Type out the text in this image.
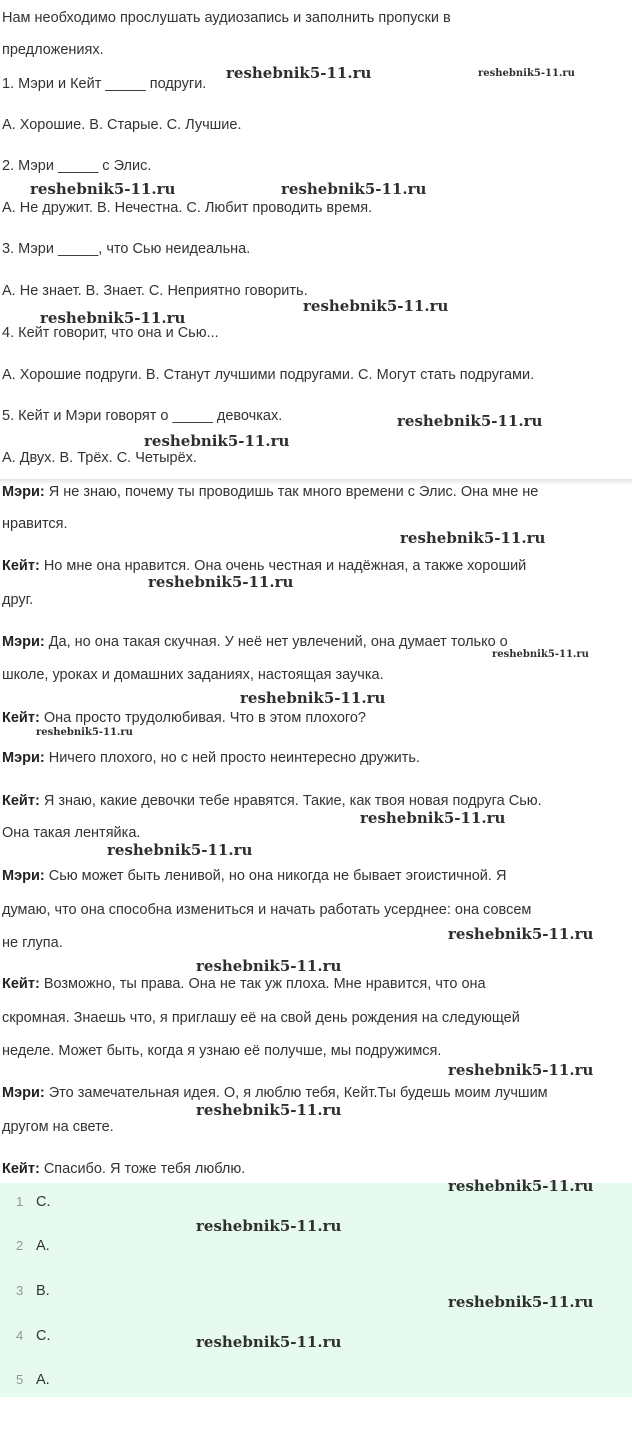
Нам необходимо прослушать аудиозапись и заполнить пропуски в
предложениях.
1. Мэри и Кейт _____ подруги.
А. Хорошие. B. Старые. C. Лучшие.
2. Мэри _____ с Элис.
А. Не дружит. B. Нечестна. C. Любит проводить время.
3. Мэри _____, что Сью неидеальна.
А. Не знает. B. Знает. C. Неприятно говорить.
4. Кейт говорит, что она и Сью...
А. Хорошие подруги. B. Станут лучшими подругами. C. Могут стать подругами.
5. Кейт и Мэри говорят о _____ девочках.
А. Двух. B. Трёх. C. Четырёх.
Мэри: Я не знаю, почему ты проводишь так много времени с Элис. Она мне не
нравится.
Кейт: Но мне она нравится. Она очень честная и надёжная, а также хороший
друг.
Мэри: Да, но она такая скучная. У неё нет увлечений, она думает только о
школе, уроках и домашних заданиях, настоящая заучка.
Кейт: Она просто трудолюбивая. Что в этом плохого?
Мэри: Ничего плохого, но с ней просто неинтересно дружить.
Кейт: Я знаю, какие девочки тебе нравятся. Такие, как твоя новая подруга Сью.
Она такая лентяйка.
Мэри: Сью может быть ленивой, но она никогда не бывает эгоистичной. Я
думаю, что она способна измениться и начать работать усерднее: она совсем
не глупа.
Кейт: Возможно, ты права. Она не так уж плоха. Мне нравится, что она
скромная. Знаешь что, я приглашу её на свой день рождения на следующей
неделе. Может быть, когда я узнаю её получше, мы подружимся.
Мэри: Это замечательная идея. О, я люблю тебя, Кейт.Ты будешь моим лучшим
другом на свете.
Кейт: Спасибо. Я тоже тебя люблю.
1 C.
2 A.
3 B.
4 C.
5 A.
reshebnik5-11.ru	reshebnik5-11.ru
reshebnik5-11.ru	reshebnik5-11.ru
reshebnik5-11.ru
reshebnik5-11.ru
reshebnik5-11.ru
reshebnik5-11.ru
reshebnik5-11.ru
reshebnik5-11.ru
reshebnik5-11.ru
reshebnik5-11.ru
reshebnik5-11.ru
reshebnik5-11.ru
reshebnik5-11.ru
reshebnik5-11.ru
reshebnik5-11.ru
reshebnik5-11.ru
reshebnik5-11.ru
reshebnik5-11.ru
reshebnik5-11.ru
reshebnik5-11.ru
reshebnik5-11.ru
